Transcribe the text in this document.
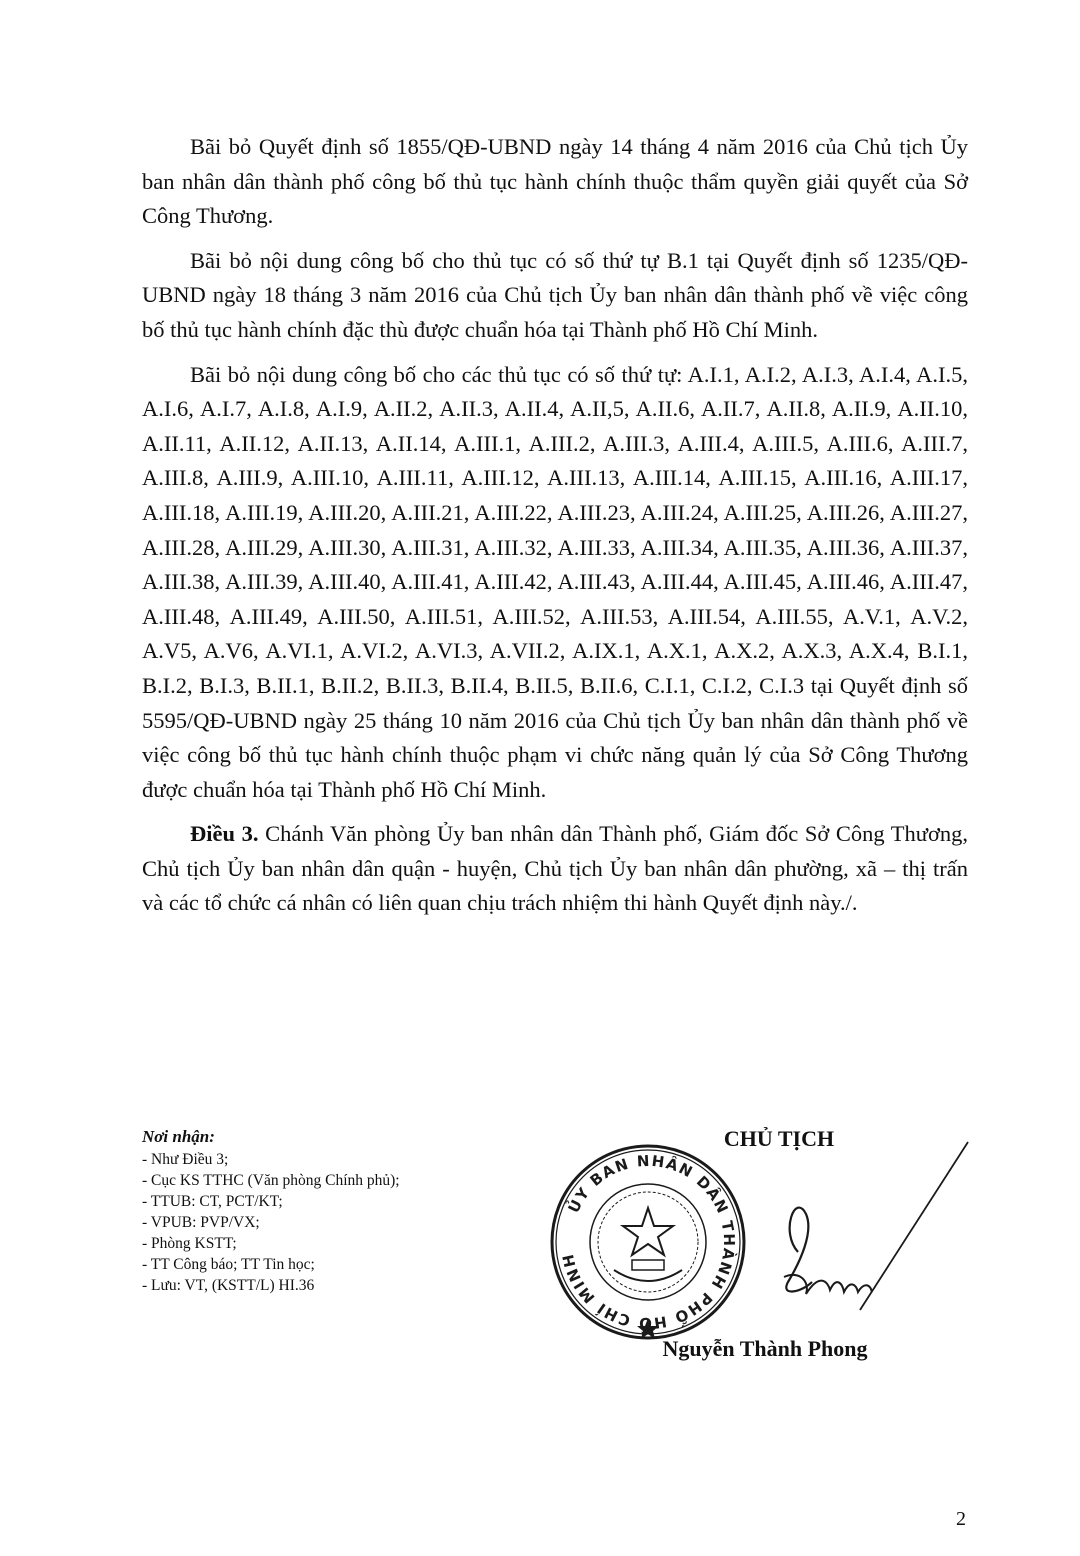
Bãi bỏ Quyết định số 1855/QĐ-UBND ngày 14 tháng 4 năm 2016 của Chủ tịch Ủy ban nhân dân thành phố công bố thủ tục hành chính thuộc thẩm quyền giải quyết của Sở Công Thương.

Bãi bỏ nội dung công bố cho thủ tục có số thứ tự B.1 tại Quyết định số 1235/QĐ-UBND ngày 18 tháng 3 năm 2016 của Chủ tịch Ủy ban nhân dân thành phố về việc công bố thủ tục hành chính đặc thù được chuẩn hóa tại Thành phố Hồ Chí Minh.

Bãi bỏ nội dung công bố cho các thủ tục có số thứ tự: A.I.1, A.I.2, A.I.3, A.I.4, A.I.5, A.I.6, A.I.7, A.I.8, A.I.9, A.II.2, A.II.3, A.II.4, A.II,5, A.II.6, A.II.7, A.II.8, A.II.9, A.II.10, A.II.11, A.II.12, A.II.13, A.II.14, A.III.1, A.III.2, A.III.3, A.III.4, A.III.5, A.III.6, A.III.7, A.III.8, A.III.9, A.III.10, A.III.11, A.III.12, A.III.13, A.III.14, A.III.15, A.III.16, A.III.17, A.III.18, A.III.19, A.III.20, A.III.21, A.III.22, A.III.23, A.III.24, A.III.25, A.III.26, A.III.27, A.III.28, A.III.29, A.III.30, A.III.31, A.III.32, A.III.33, A.III.34, A.III.35, A.III.36, A.III.37, A.III.38, A.III.39, A.III.40, A.III.41, A.III.42, A.III.43, A.III.44, A.III.45, A.III.46, A.III.47, A.III.48, A.III.49, A.III.50, A.III.51, A.III.52, A.III.53, A.III.54, A.III.55, A.V.1, A.V.2, A.V5, A.V6, A.VI.1, A.VI.2, A.VI.3, A.VII.2, A.IX.1, A.X.1, A.X.2, A.X.3, A.X.4, B.I.1, B.I.2, B.I.3, B.II.1, B.II.2, B.II.3, B.II.4, B.II.5, B.II.6, C.I.1, C.I.2, C.I.3 tại Quyết định số 5595/QĐ-UBND ngày 25 tháng 10 năm 2016 của Chủ tịch Ủy ban nhân dân thành phố về việc công bố thủ tục hành chính thuộc phạm vi chức năng quản lý của Sở Công Thương được chuẩn hóa tại Thành phố Hồ Chí Minh.

Điều 3. Chánh Văn phòng Ủy ban nhân dân Thành phố, Giám đốc Sở Công Thương, Chủ tịch Ủy ban nhân dân quận - huyện, Chủ tịch Ủy ban nhân dân phường, xã – thị trấn và các tổ chức cá nhân có liên quan chịu trách nhiệm thi hành Quyết định này./.

Nơi nhận:
- Như Điều 3;
- Cục KS TTHC (Văn phòng Chính phủ);
- TTUB: CT, PCT/KT;
- VPUB: PVP/VX;
- Phòng KSTT;
- TT Công báo; TT Tin học;
- Lưu: VT, (KSTT/L) HI.36
CHỦ TỊCH
ỦY BAN NHÂN DÂN THÀNH PHỐ HỒ CHÍ MINH
Nguyễn Thành Phong
2
